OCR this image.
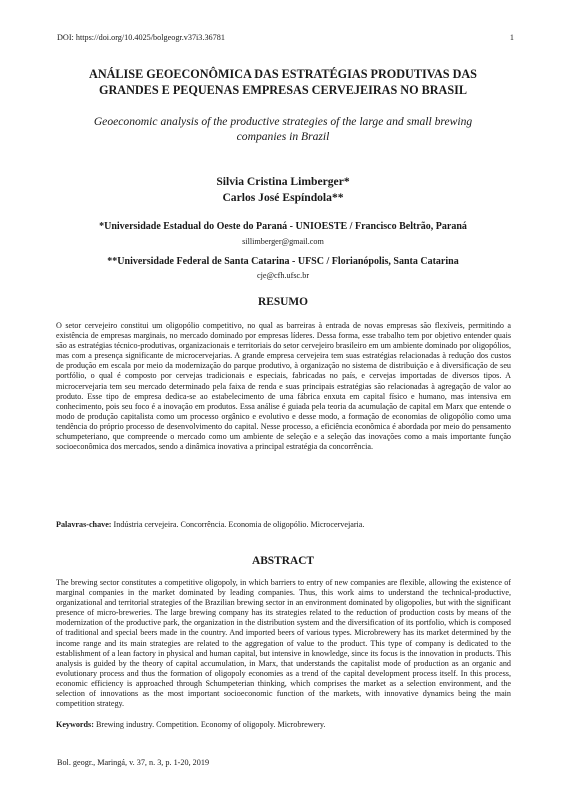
DOI: https://doi.org/10.4025/bolgeogr.v37i3.36781	1
ANÁLISE GEOECONÔMICA DAS ESTRATÉGIAS PRODUTIVAS DAS
GRANDES E PEQUENAS EMPRESAS CERVEJEIRAS NO BRASIL
Geoeconomic analysis of the productive strategies of the large and small brewing
companies in Brazil
Silvia Cristina Limberger*
Carlos José Espíndola**
*Universidade Estadual do Oeste do Paraná - UNIOESTE / Francisco Beltrão, Paraná
sillimberger@gmail.com
**Universidade Federal de Santa Catarina - UFSC / Florianópolis, Santa Catarina
cje@cfh.ufsc.br
RESUMO
O setor cervejeiro constitui um oligopólio competitivo, no qual as barreiras à entrada de novas empresas são flexíveis, permitindo a existência de empresas marginais, no mercado dominado por empresas líderes. Dessa forma, esse trabalho tem por objetivo entender quais são as estratégias técnico-produtivas, organizacionais e territoriais do setor cervejeiro brasileiro em um ambiente dominado por oligopólios, mas com a presença significante de microcervejarias. A grande empresa cervejeira tem suas estratégias relacionadas à redução dos custos de produção em escala por meio da modernização do parque produtivo, à organização no sistema de distribuição e à diversificação de seu portfólio, o qual é composto por cervejas tradicionais e especiais, fabricadas no país, e cervejas importadas de diversos tipos. A microcervejaria tem seu mercado determinado pela faixa de renda e suas principais estratégias são relacionadas à agregação de valor ao produto. Esse tipo de empresa dedica-se ao estabelecimento de uma fábrica enxuta em capital físico e humano, mas intensiva em conhecimento, pois seu foco é a inovação em produtos. Essa análise é guiada pela teoria da acumulação de capital em Marx que entende o modo de produção capitalista como um processo orgânico e evolutivo e desse modo, a formação de economias de oligopólio como uma tendência do próprio processo de desenvolvimento do capital. Nesse processo, a eficiência econômica é abordada por meio do pensamento schumpeteriano, que compreende o mercado como um ambiente de seleção e a seleção das inovações como a mais importante função socioeconômica dos mercados, sendo a dinâmica inovativa a principal estratégia da concorrência.
Palavras-chave: Indústria cervejeira. Concorrência. Economia de oligopólio. Microcervejaria.
ABSTRACT
The brewing sector constitutes a competitive oligopoly, in which barriers to entry of new companies are flexible, allowing the existence of marginal companies in the market dominated by leading companies. Thus, this work aims to understand the technical-productive, organizational and territorial strategies of the Brazilian brewing sector in an environment dominated by oligopolies, but with the significant presence of micro-breweries. The large brewing company has its strategies related to the reduction of production costs by means of the modernization of the productive park, the organization in the distribution system and the diversification of its portfolio, which is composed of traditional and special beers made in the country. And imported beers of various types. Microbrewery has its market determined by the income range and its main strategies are related to the aggregation of value to the product. This type of company is dedicated to the establishment of a lean factory in physical and human capital, but intensive in knowledge, since its focus is the innovation in products. This analysis is guided by the theory of capital accumulation, in Marx, that understands the capitalist mode of production as an organic and evolutionary process and thus the formation of oligopoly economies as a trend of the capital development process itself. In this process, economic efficiency is approached through Schumpeterian thinking, which comprises the market as a selection environment, and the selection of innovations as the most important socioeconomic function of the markets, with innovative dynamics being the main competition strategy.
Keywords: Brewing industry. Competition. Economy of oligopoly. Microbrewery.
Bol. geogr., Maringá, v. 37, n. 3, p. 1-20, 2019
